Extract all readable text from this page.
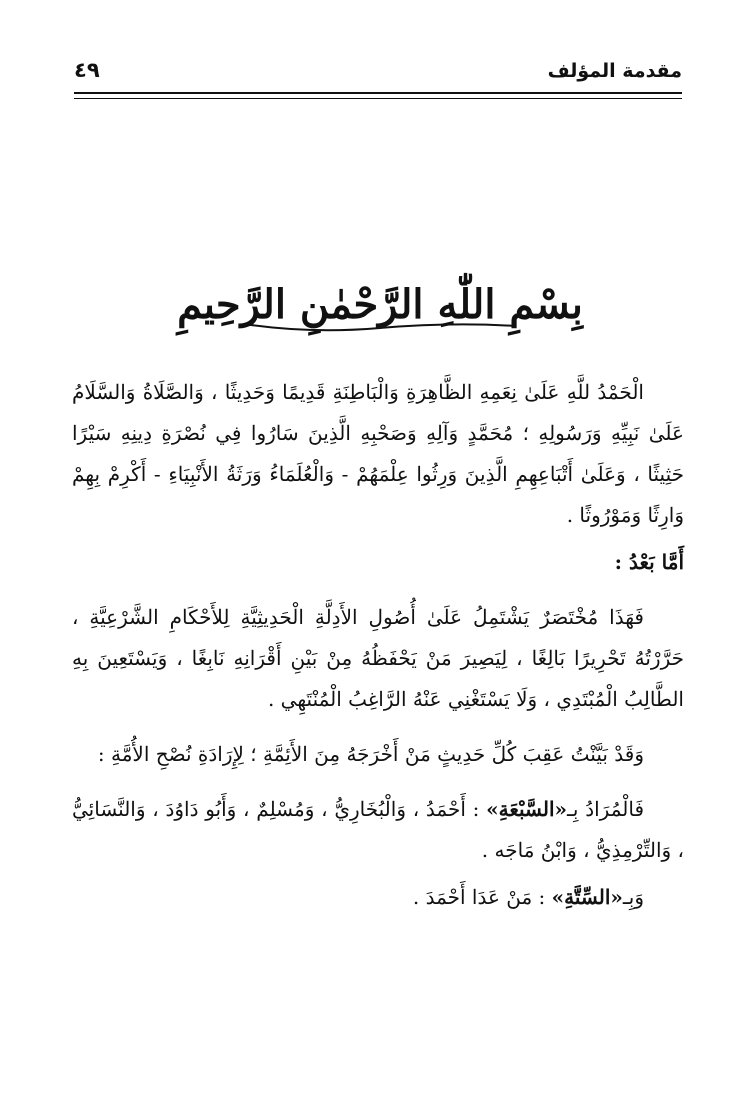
مقدمة المؤلف
٤٩
بِسْمِ اللّٰهِ الرَّحْمٰنِ الرَّحِيمِ

الْحَمْدُ للَّهِ عَلَىٰ نِعَمِهِ الظَّاهِرَةِ وَالْبَاطِنَةِ قَدِيمًا وَحَدِيثًا ، وَالصَّلَاةُ وَالسَّلَامُ عَلَىٰ نَبِيِّهِ وَرَسُولِهِ ؛ مُحَمَّدٍ وَآلِهِ وَصَحْبِهِ الَّذِينَ سَارُوا فِي نُصْرَةِ دِينِهِ سَيْرًا حَثِيثًا ، وَعَلَىٰ أَتْبَاعِهِمِ الَّذِينَ وَرِثُوا عِلْمَهُمْ - وَالْعُلَمَاءُ وَرَثَةُ الأَنْبِيَاءِ - أَكْرِمْ بِهِمْ وَارِثًا وَمَوْرُوثًا .

أَمَّا بَعْدُ :

فَهَذَا مُخْتَصَرٌ يَشْتَمِلُ عَلَىٰ أُصُولِ الأَدِلَّةِ الْحَدِيثِيَّةِ لِلأَحْكَامِ الشَّرْعِيَّةِ ، حَرَّرْتُهُ تَحْرِيرًا بَالِغًا ، لِيَصِيرَ مَنْ يَحْفَظُهُ مِنْ بَيْنِ أَقْرَانِهِ نَابِغًا ، وَيَسْتَعِينَ بِهِ الطَّالِبُ الْمُبْتَدِي ، وَلَا يَسْتَغْنِي عَنْهُ الرَّاغِبُ الْمُنْتَهِي .

وَقَدْ بَيَّنْتُ عَقِبَ كُلِّ حَدِيثٍ مَنْ أَخْرَجَهُ مِنَ الأَئِمَّةِ ؛ لِإِرَادَةِ نُصْحِ الأُمَّةِ :

فَالْمُرَادُ بِـ«السَّبْعَةِ» : أَحْمَدُ ، وَالْبُخَارِيُّ ، وَمُسْلِمٌ ، وَأَبُو دَاوُدَ ، وَالنَّسَائِيُّ ، وَالتِّرْمِذِيُّ ، وَابْنُ مَاجَه .

وَبِـ«السِّتَّةِ» : مَنْ عَدَا أَحْمَدَ .
